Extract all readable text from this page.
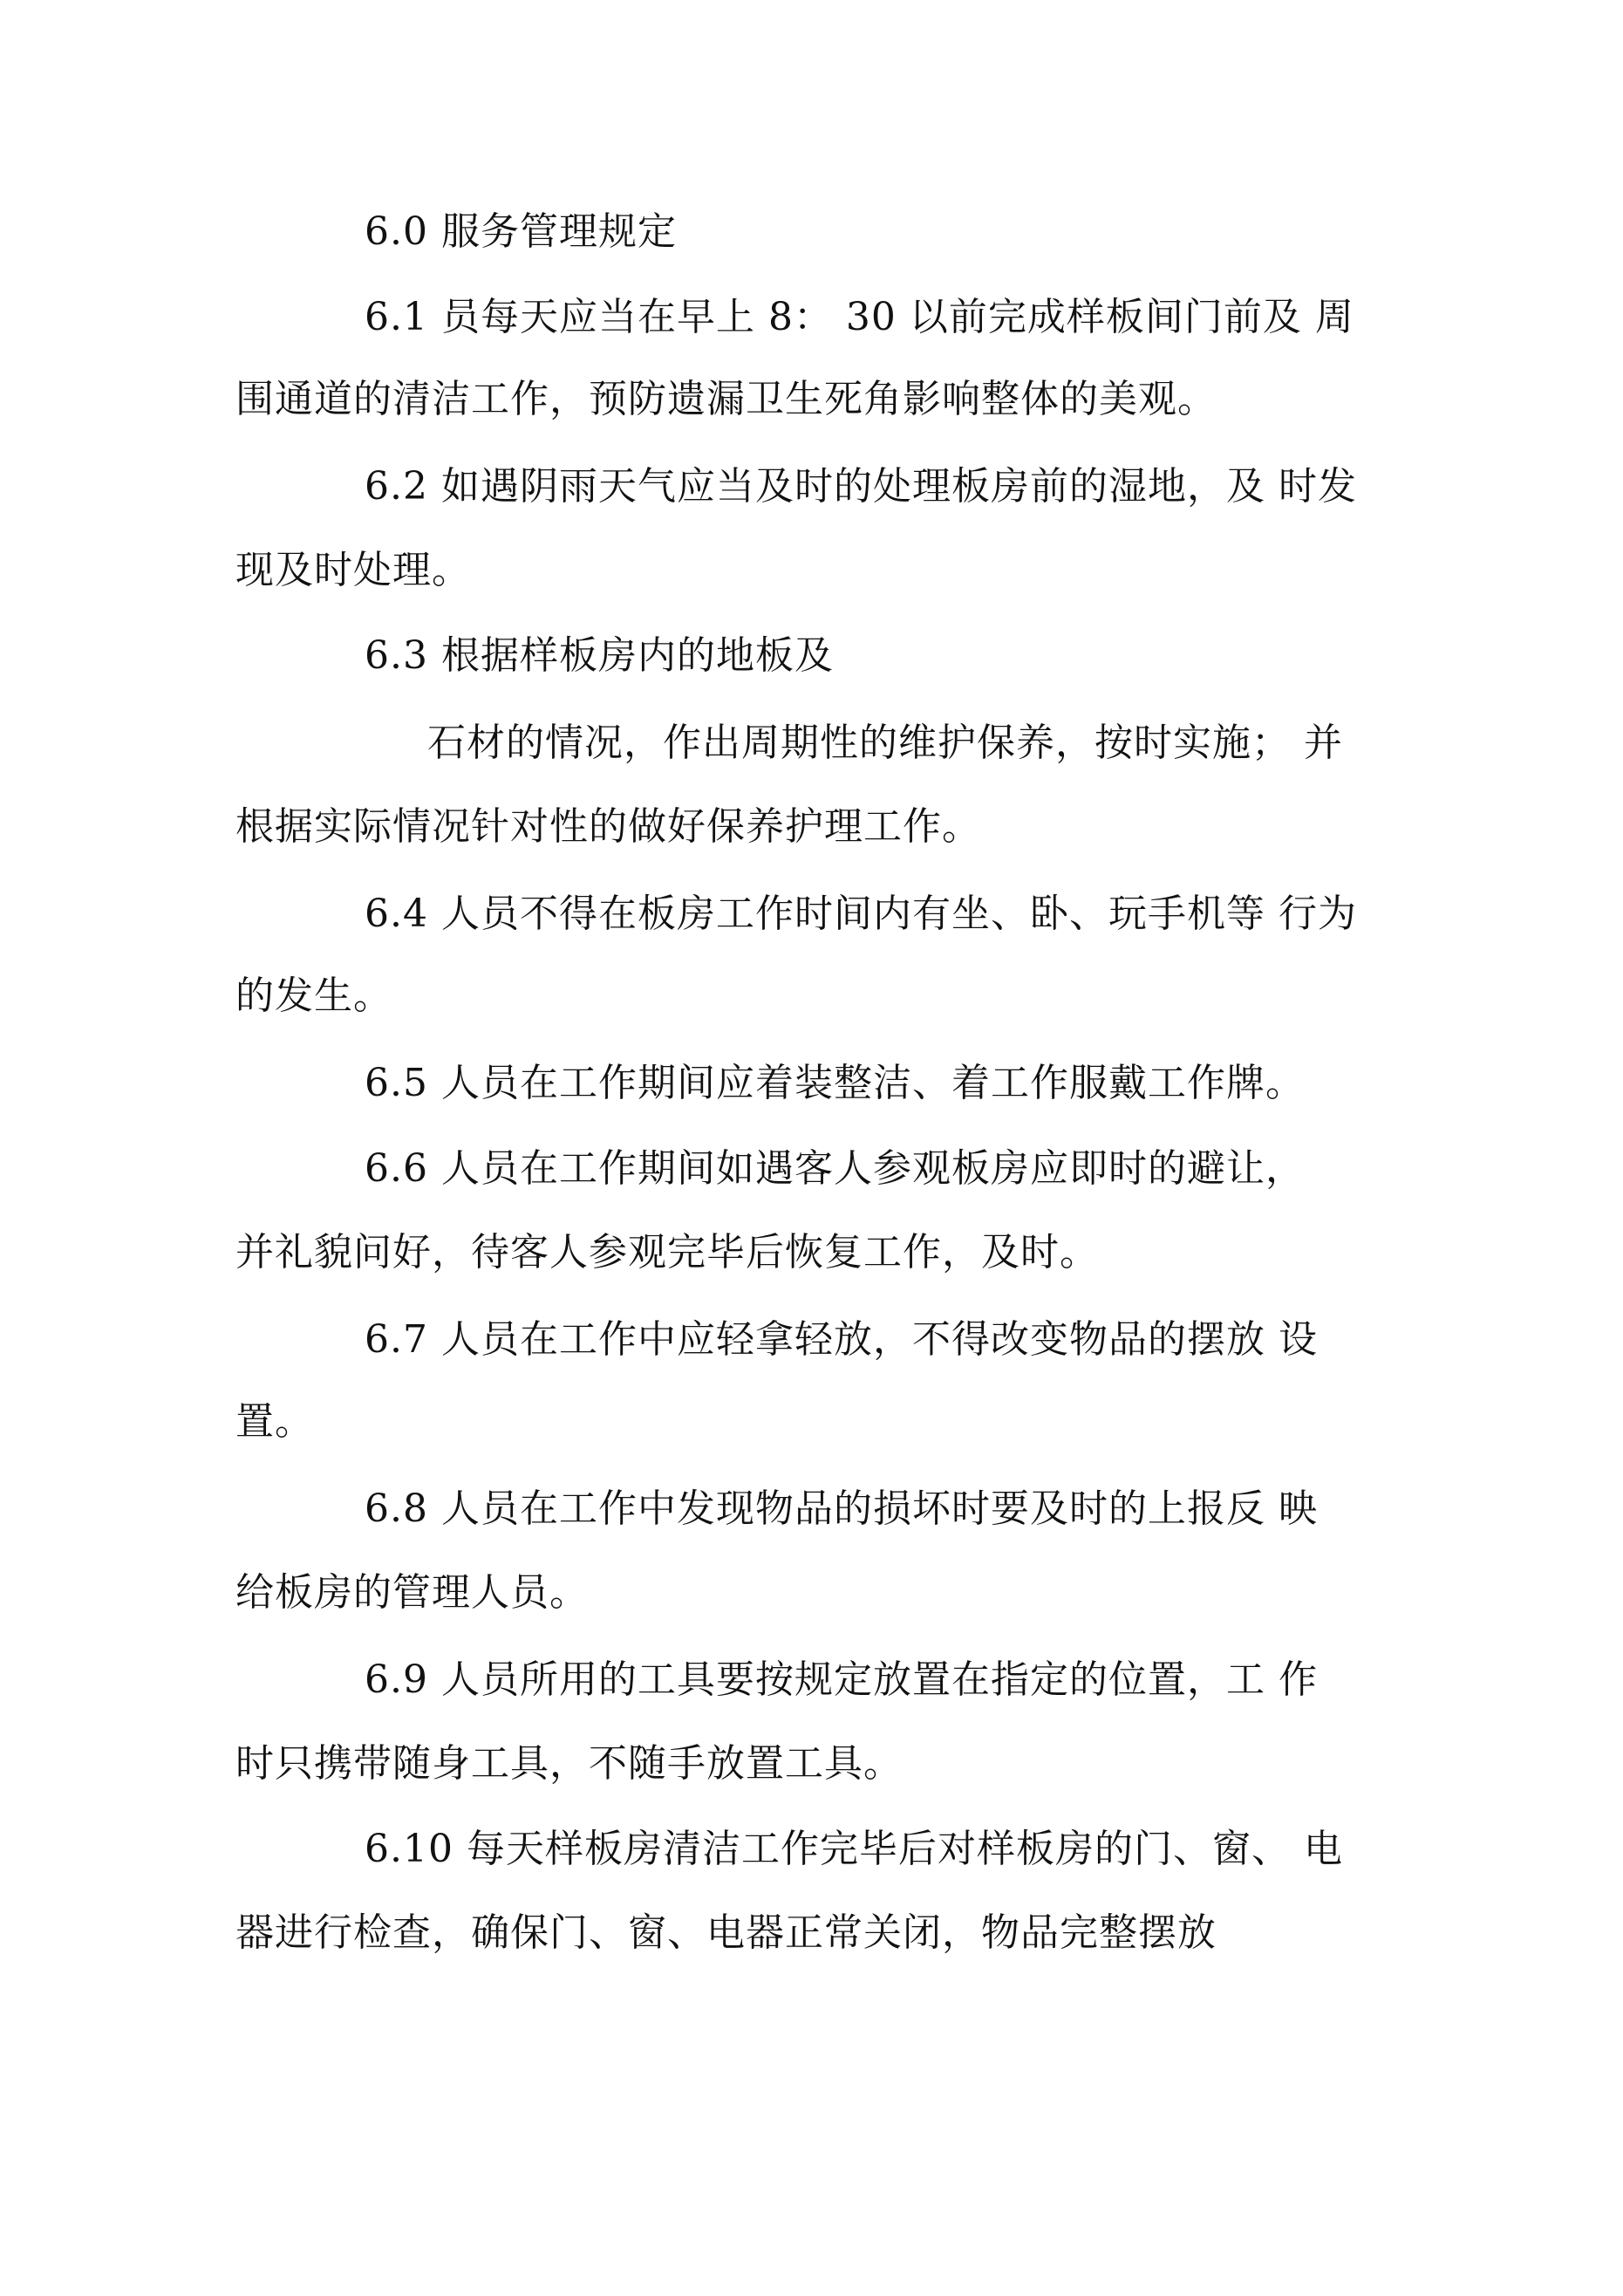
6.0 服务管理规定
6.1 员每天应当在早上 8： 30 以前完成样板间门前及 周
围通道的清洁工作，预防遗漏卫生死角影响整体的美观。
6.2 如遇阴雨天气应当及时的处理板房前的湿地，及 时发
现及时处理。
6.3 根据样板房内的地板及
石材的情况，作出周期性的维护保养，按时实施； 并
根据实际情况针对性的做好保养护理工作。
6.4 人员不得在板房工作时间内有坐、卧、玩手机等 行为
的发生。
6.5 人员在工作期间应着装整洁、着工作服戴工作牌。
6.6 人员在工作期间如遇客人参观板房应即时的避让，
并礼貌问好，待客人参观完毕后恢复工作，及时。
6.7 人员在工作中应轻拿轻放，不得改变物品的摆放 设
置。
6.8 人员在工作中发现物品的损坏时要及时的上报反 映
给板房的管理人员。
6.9 人员所用的工具要按规定放置在指定的位置，工 作
时只携带随身工具，不随手放置工具。
6.10 每天样板房清洁工作完毕后对样板房的门、窗、 电
器进行检查，确保门、窗、电器正常关闭，物品完整摆放
